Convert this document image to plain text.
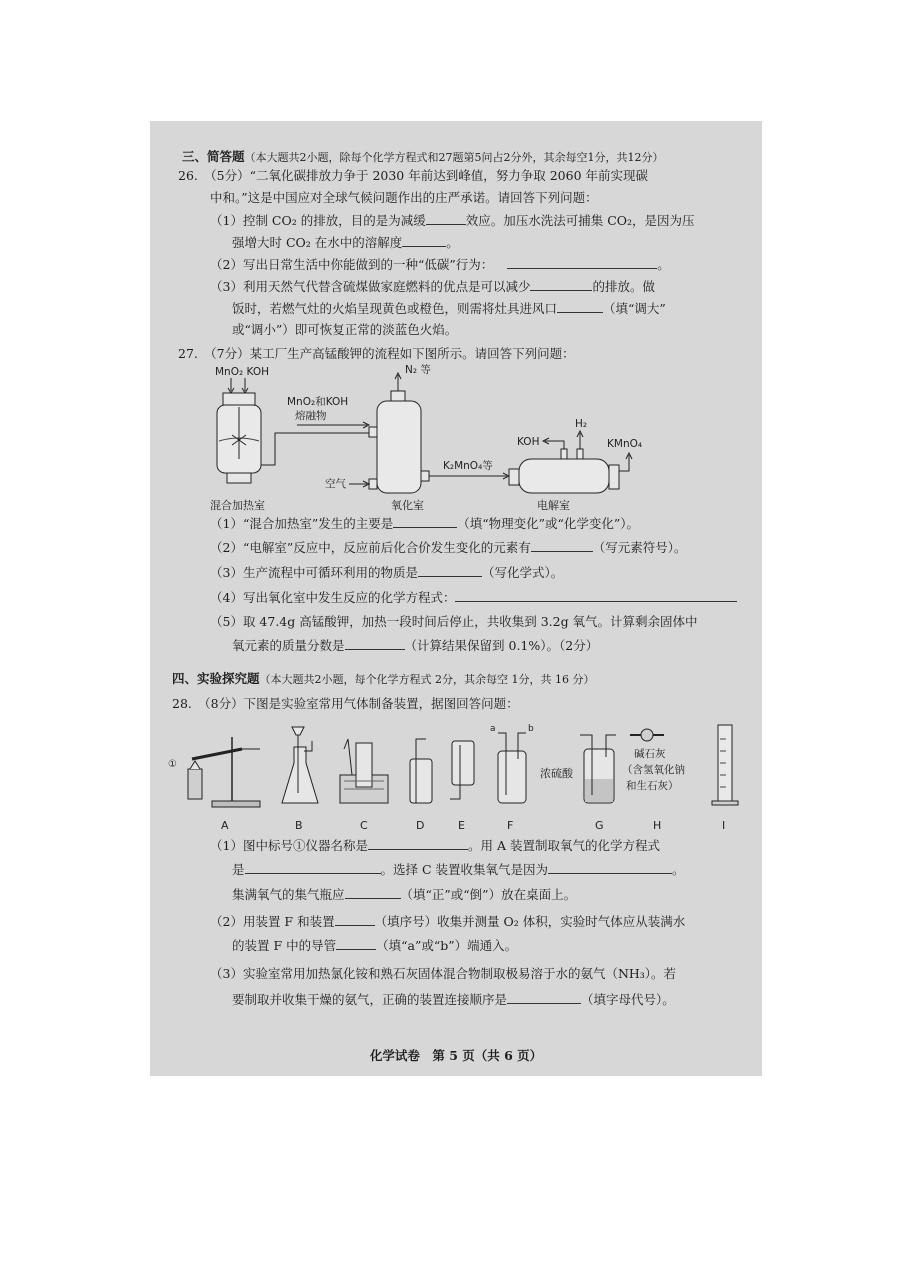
三、简答题（本大题共2小题，除每个化学方程式和27题第5问占2分外，其余每空1分，共12分）
26.　（5分）“二氧化碳排放力争于 2030 年前达到峰值，努力争取 2060 年前实现碳
中和。”这是中国应对全球气候问题作出的庄严承诺。请回答下列问题：
（1）控制 CO₂ 的排放，目的是为减缓	效应。加压水洗法可捕集 CO₂，是因为压
强增大时 CO₂ 在水中的溶解度	。
（2）写出日常生活中你能做到的一种“低碳”行为：	。
（3）利用天然气代替含硫煤做家庭燃料的优点是可以减少	的排放。做
饭时，若燃气灶的火焰呈现黄色或橙色，则需将灶具进风口	（填“调大”
或“调小”）即可恢复正常的淡蓝色火焰。
27.　（7分）某工厂生产高锰酸钾的流程如下图所示。请回答下列问题：
MnO₂ KOH
混合加热室
MnO₂和KOH
熔融物
N₂ 等
空气
氧化室
K₂MnO₄等
KOH
H₂
KMnO₄
电解室
（1）“混合加热室”发生的主要是	（填“物理变化”或“化学变化”）。
（2）“电解室”反应中，反应前后化合价发生变化的元素有	（写元素符号）。
（3）生产流程中可循环利用的物质是	（写化学式）。
（4）写出氧化室中发生反应的化学方程式：
（5）取 47.4g 高锰酸钾，加热一段时间后停止，共收集到 3.2g 氧气。计算剩余固体中
氧元素的质量分数是	（计算结果保留到 0.1%）。（2分）
四、实验探究题（本大题共2小题，每个化学方程式 2分，其余每空 1分，共 16 分）
28.　（8分）下图是实验室常用气体制备装置，据图回答问题：
①
A	B	C	D	E
a	b
F
浓硫酸
G
碱石灰
（含氢氧化钠
和生石灰）
H	I
（1）图中标号①仪器名称是	。用 A 装置制取氧气的化学方程式
是	。选择 C 装置收集氧气是因为	。
集满氧气的集气瓶应	（填“正”或“倒”）放在桌面上。
（2）用装置 F 和装置	（填序号）收集并测量 O₂ 体积，实验时气体应从装满水
的装置 F 中的导管	（填“a”或“b”）端通入。
（3）实验室常用加热氯化铵和熟石灰固体混合物制取极易溶于水的氨气（NH₃）。若
要制取并收集干燥的氨气，正确的装置连接顺序是	（填字母代号）。
化学试卷　第 5 页（共 6 页）
